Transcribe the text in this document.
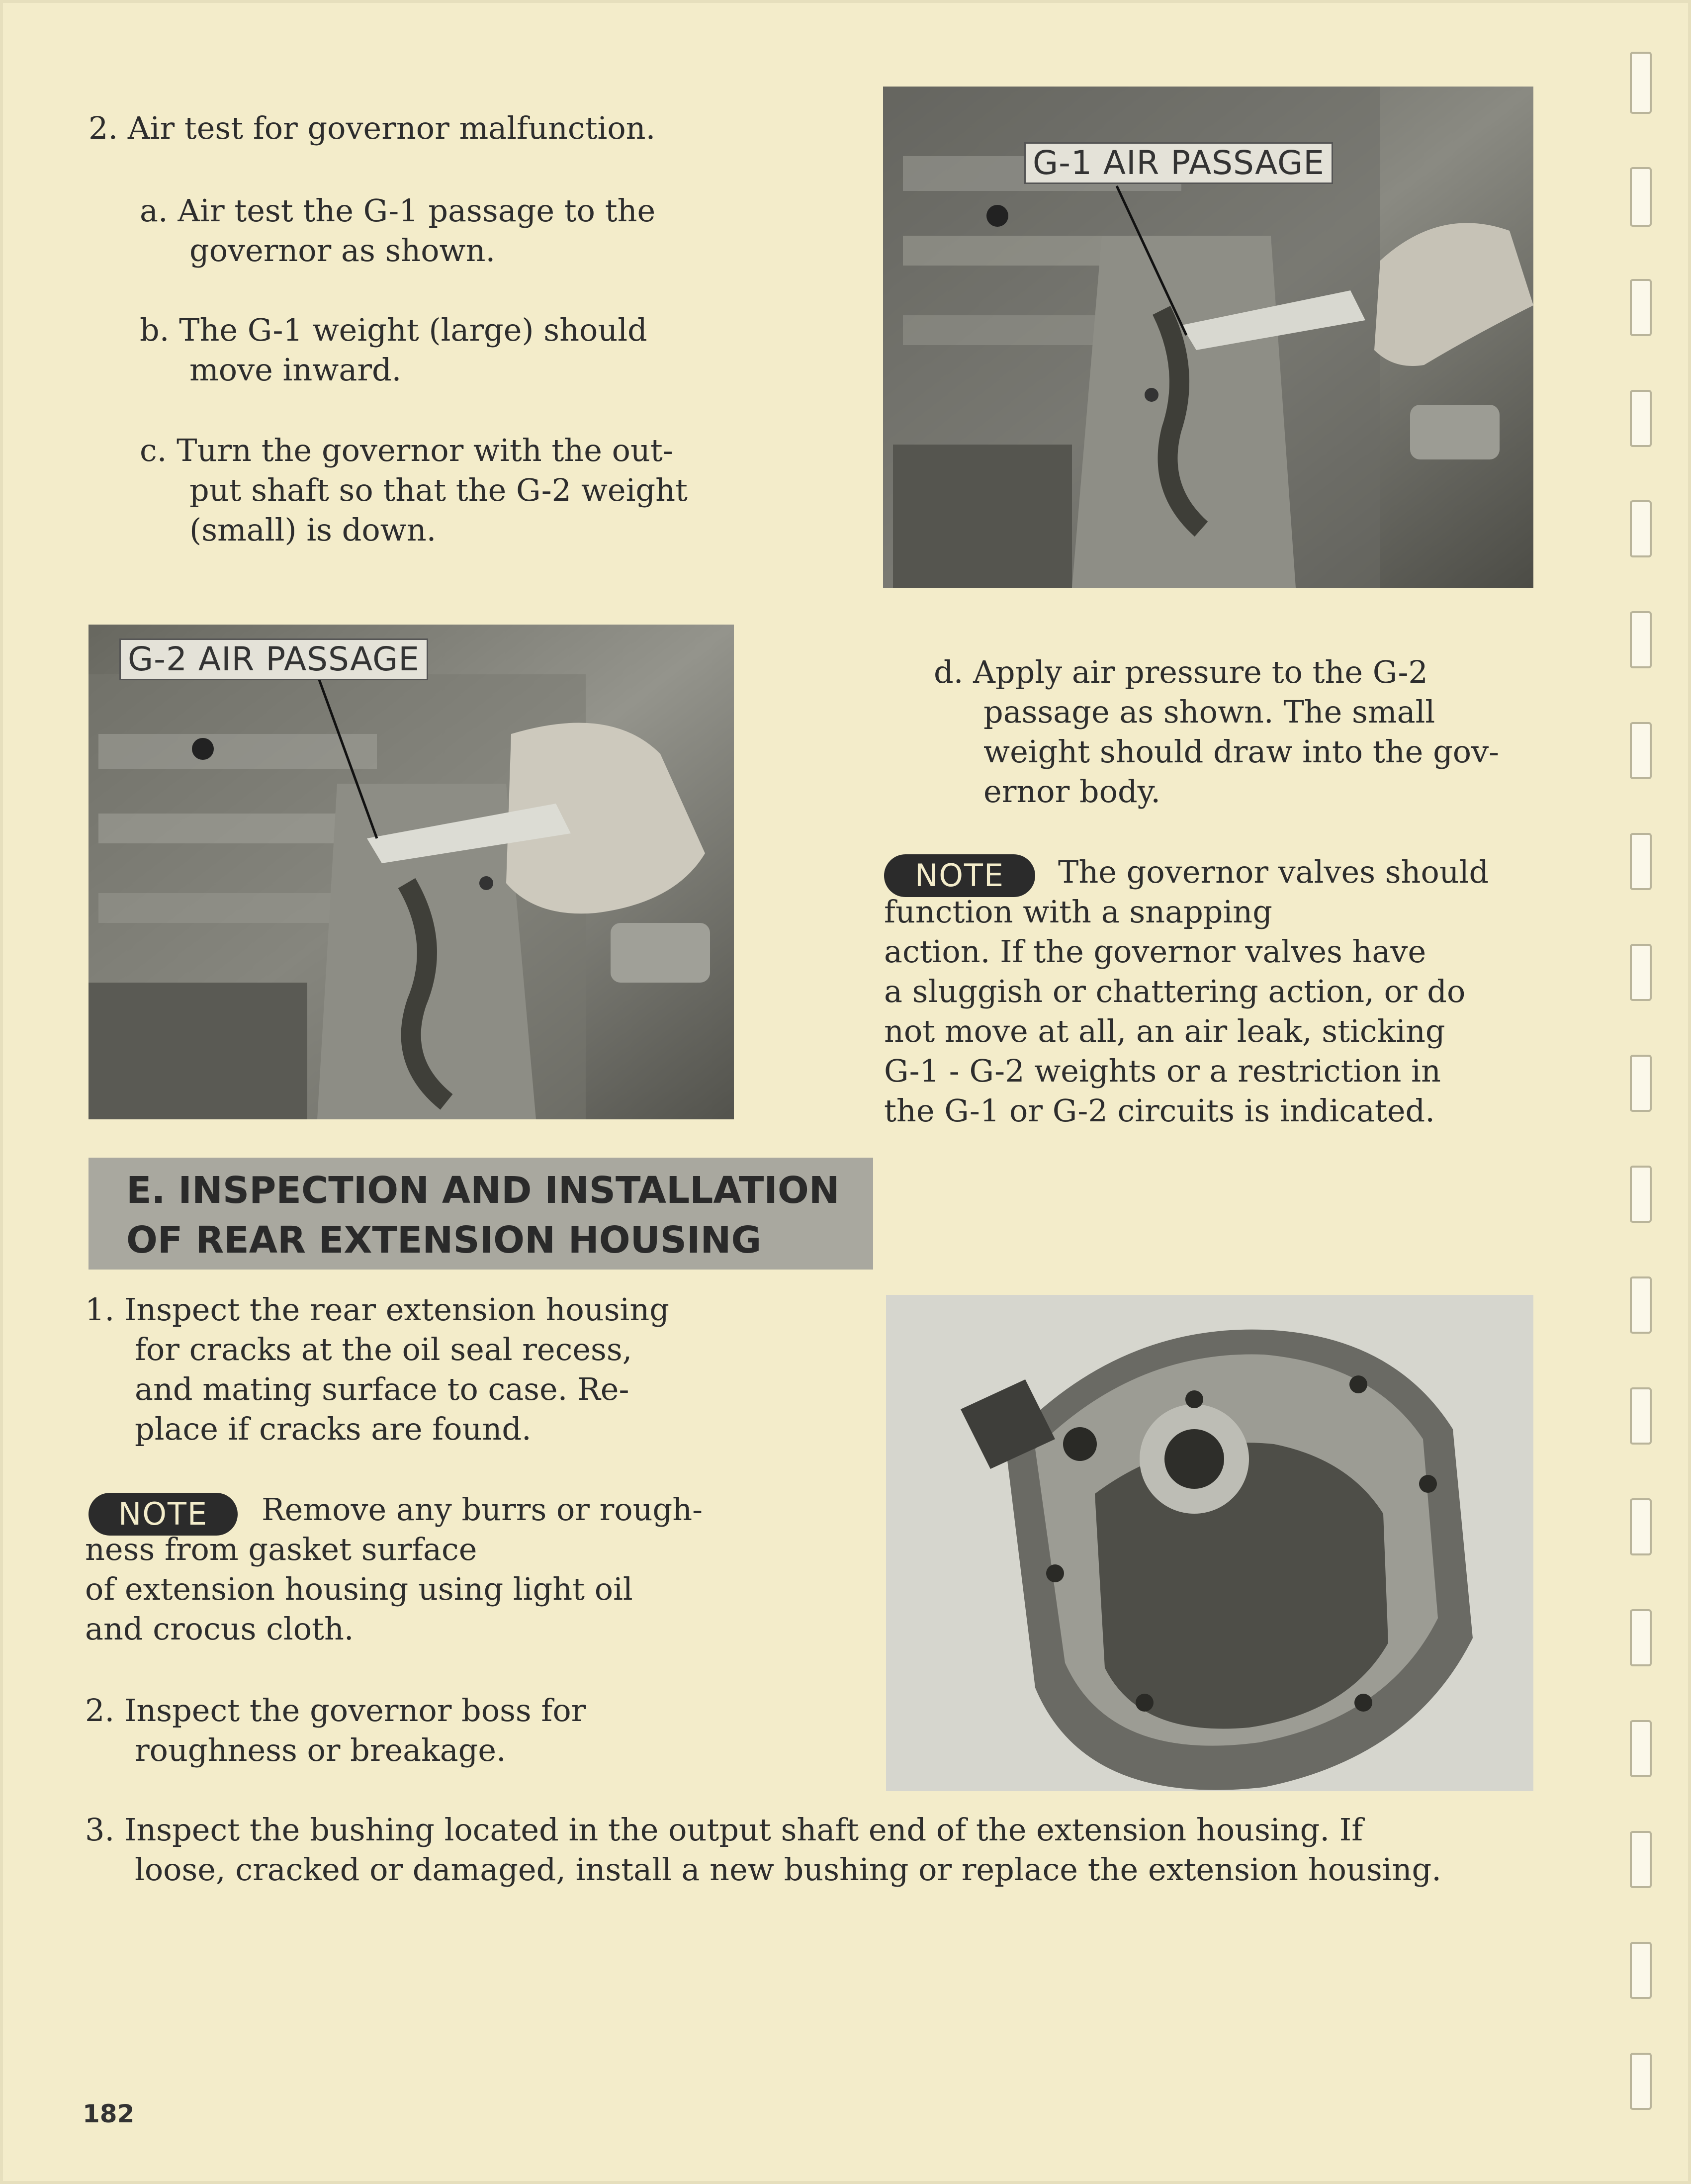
2. Air test for governor malfunction.
a. Air test the G-1 passage to the
governor as shown.
b. The G-1 weight (large) should
move inward.
c. Turn the governor with the out-
put shaft so that the G-2 weight
(small) is down.
G-1 AIR PASSAGE
G-2 AIR PASSAGE	d. Apply air pressure to the G-2
passage as shown. The small
weight should draw into the gov-
ernor body.
NOTE	The governor valves should
function with a snapping
action. If the governor valves have
a sluggish or chattering action, or do
not move at all, an air leak, sticking
G-1 - G-2 weights or a restriction in
the G-1 or G-2 circuits is indicated.
E. INSPECTION AND INSTALLATION
OF REAR EXTENSION HOUSING
1. Inspect the rear extension housing
for cracks at the oil seal recess,
and mating surface to case. Re-
place if cracks are found.
NOTE	Remove any burrs or rough-
ness from gasket surface
of extension housing using light oil
and crocus cloth.
2. Inspect the governor boss for
roughness or breakage.
3. Inspect the bushing located in the output shaft end of the extension housing. If
loose, cracked or damaged, install a new bushing or replace the extension housing.
182
